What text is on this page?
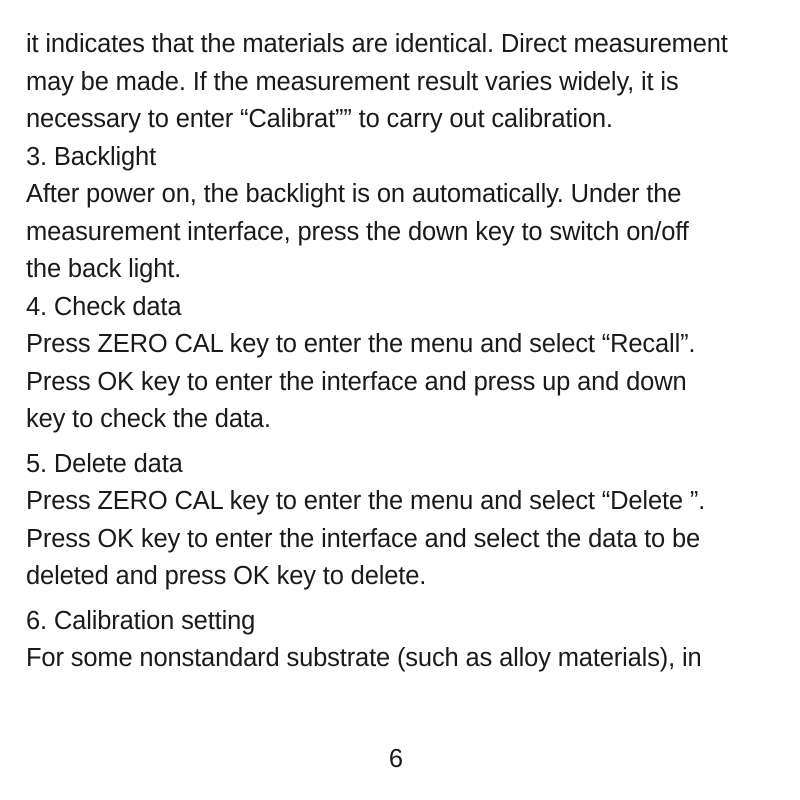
it indicates that the materials are identical. Direct measurement
may be made. If the measurement result varies widely, it is
necessary to enter “Calibrat”” to carry out calibration.
3. Backlight
After power on, the backlight is on automatically. Under the
measurement interface, press the down key to switch on/off
the back light.
4. Check data
Press ZERO CAL key to enter the menu and select “Recall”.
Press OK key to enter the interface and press up and down
key to check the data.
5. Delete data
Press ZERO CAL key to enter the menu and select “Delete ”.
Press OK key to enter the interface and select the data to be
deleted and press OK key to delete.
6. Calibration setting
For some nonstandard substrate (such as alloy materials), in
6
